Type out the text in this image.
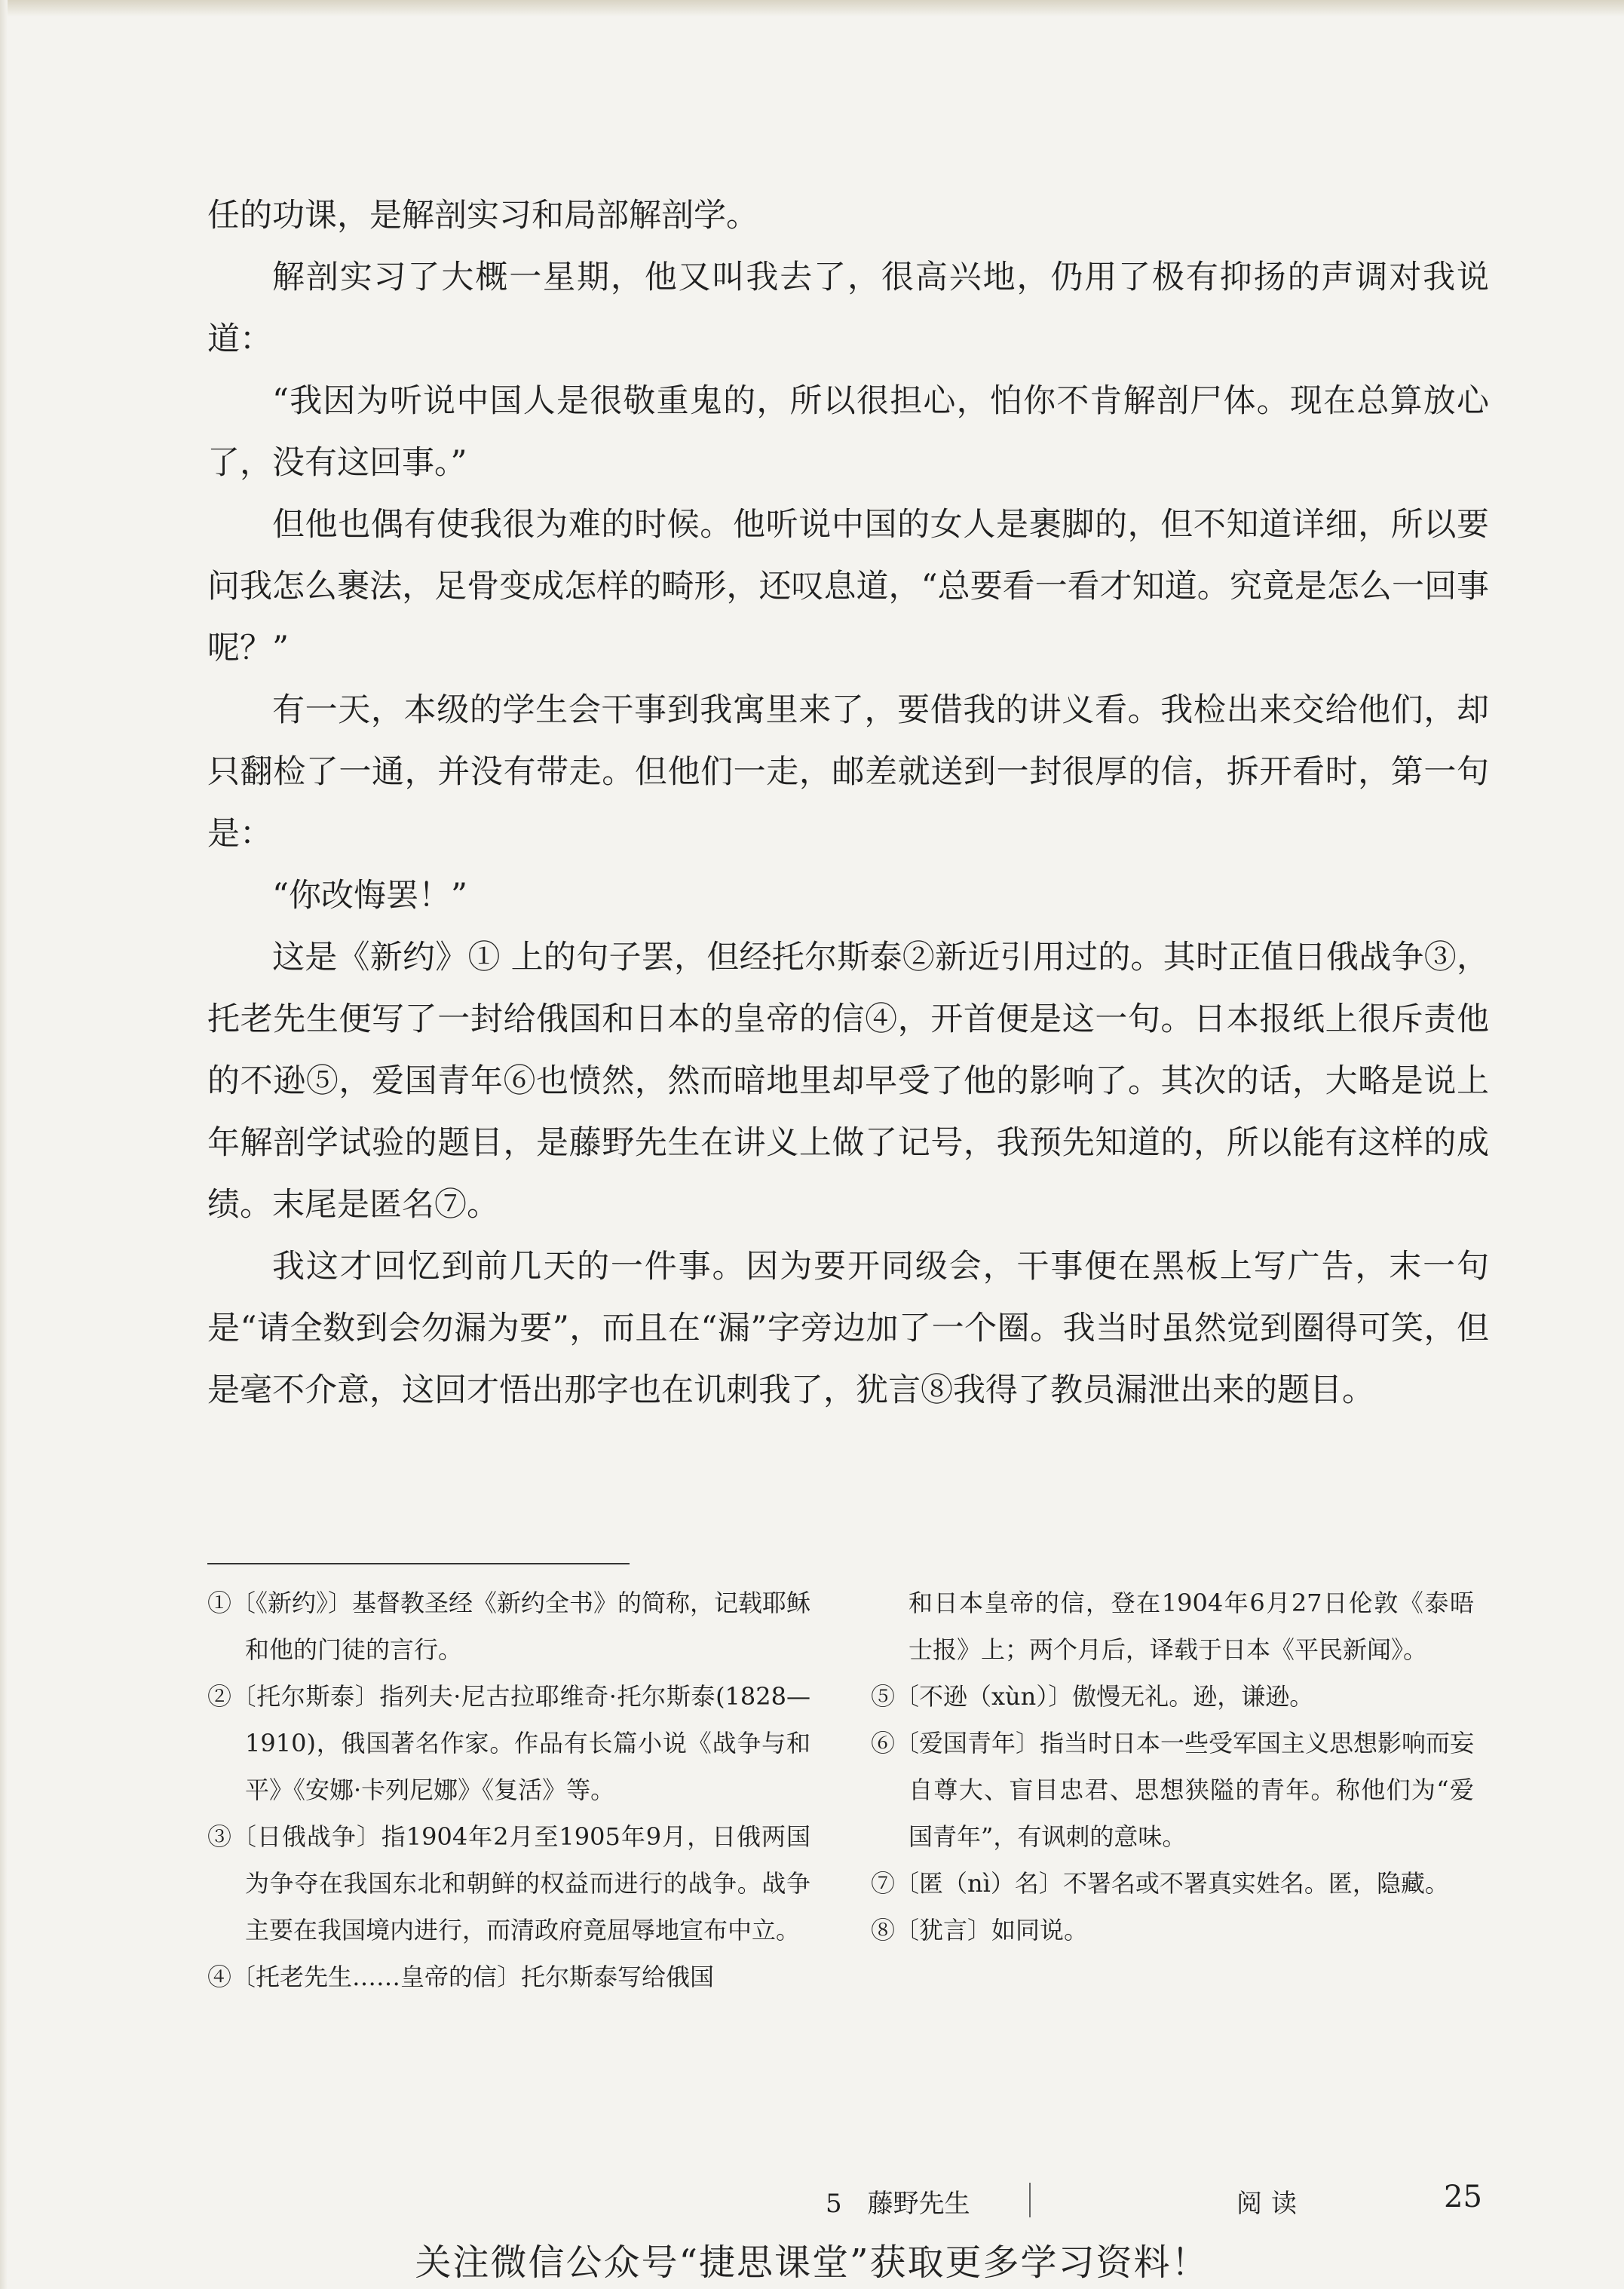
任的功课，是解剖实习和局部解剖学。

解剖实习了大概一星期，他又叫我去了，很高兴地，仍用了极有抑扬的声调对我说道：

“我因为听说中国人是很敬重鬼的，所以很担心，怕你不肯解剖尸体。现在总算放心了，没有这回事。”

但他也偶有使我很为难的时候。他听说中国的女人是裹脚的，但不知道详细，所以要问我怎么裹法，足骨变成怎样的畸形，还叹息道，“总要看一看才知道。究竟是怎么一回事呢？”

有一天，本级的学生会干事到我寓里来了，要借我的讲义看。我检出来交给他们，却只翻检了一通，并没有带走。但他们一走，邮差就送到一封很厚的信，拆开看时，第一句是：

“你改悔罢！”

这是《新约》① 上的句子罢，但经托尔斯泰②新近引用过的。其时正值日俄战争③，托老先生便写了一封给俄国和日本的皇帝的信④，开首便是这一句。日本报纸上很斥责他的不逊⑤，爱国青年⑥也愤然，然而暗地里却早受了他的影响了。其次的话，大略是说上年解剖学试验的题目，是藤野先生在讲义上做了记号，我预先知道的，所以能有这样的成绩。末尾是匿名⑦。

我这才回忆到前几天的一件事。因为要开同级会，干事便在黑板上写广告，末一句是“请全数到会勿漏为要”，而且在“漏”字旁边加了一个圈。我当时虽然觉到圈得可笑，但是毫不介意，这回才悟出那字也在讥刺我了，犹言⑧我得了教员漏泄出来的题目。

①〔《新约》〕基督教圣经《新约全书》的简称，记载耶稣和他的门徒的言行。

②〔托尔斯泰〕指列夫·尼古拉耶维奇·托尔斯泰(1828—1910)，俄国著名作家。作品有长篇小说《战争与和平》《安娜·卡列尼娜》《复活》等。

③〔日俄战争〕指1904年2月至1905年9月，日俄两国为争夺在我国东北和朝鲜的权益而进行的战争。战争主要在我国境内进行，而清政府竟屈辱地宣布中立。

④〔托老先生……皇帝的信〕托尔斯泰写给俄国

和日本皇帝的信，登在1904年6月27日伦敦《泰晤士报》上；两个月后，译载于日本《平民新闻》。

⑤〔不逊（xùn）〕傲慢无礼。逊，谦逊。

⑥〔爱国青年〕指当时日本一些受军国主义思想影响而妄自尊大、盲目忠君、思想狭隘的青年。称他们为“爱国青年”，有讽刺的意味。

⑦〔匿（nì）名〕不署名或不署真实姓名。匿，隐藏。

⑧〔犹言〕如同说。

5　藤野先生	阅读	25
关注微信公众号“捷思课堂”获取更多学习资料！
